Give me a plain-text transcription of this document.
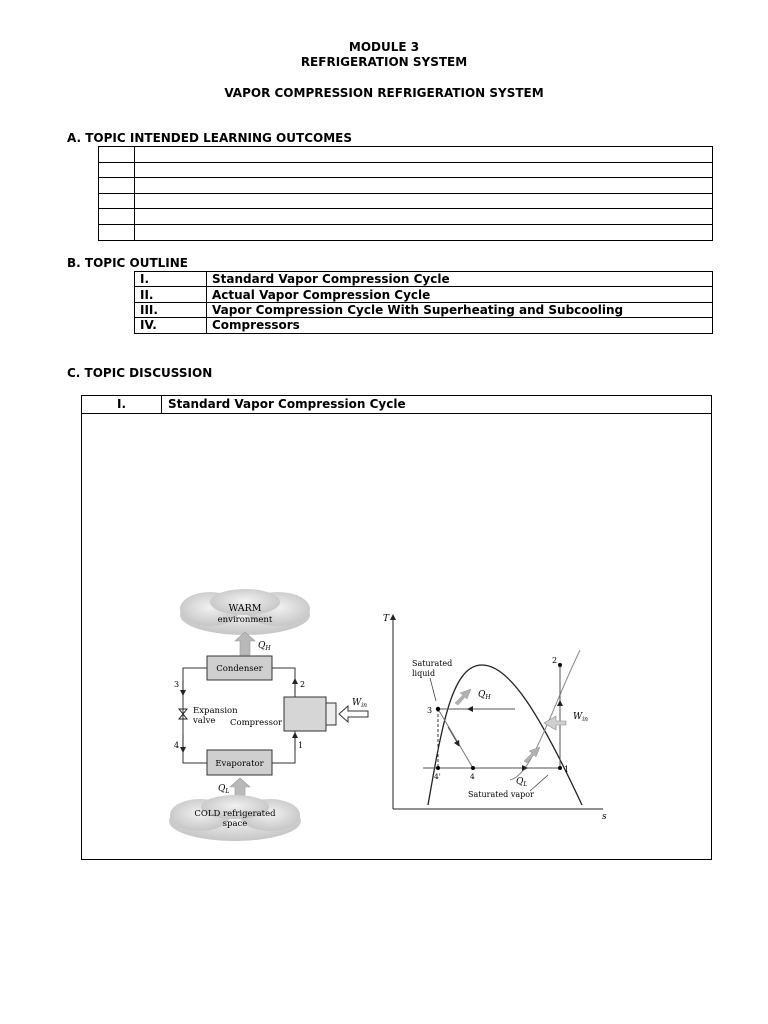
MODULE 3
REFRIGERATION SYSTEM
VAPOR COMPRESSION REFRIGERATION SYSTEM
A. TOPIC INTENDED LEARNING OUTCOMES

B. TOPIC OUTLINE
I.	Standard Vapor Compression Cycle
II.	Actual Vapor Compression Cycle
III.	Vapor Compression Cycle With Superheating and Subcooling
IV.	Compressors
C. TOPIC DISCUSSION
I.	Standard Vapor Compression Cycle
WARM
environment
$Q_H$
Condenser
Expansion
valve Compressor
$W_{in}$
Evaporator
$Q_L$
COLD refrigerated
space
3	2
4	1
T
s
2
3
4'	4
1
Saturated
liquid
Saturated vapor
$Q_H$
$Q_L$
$W_{in}$
